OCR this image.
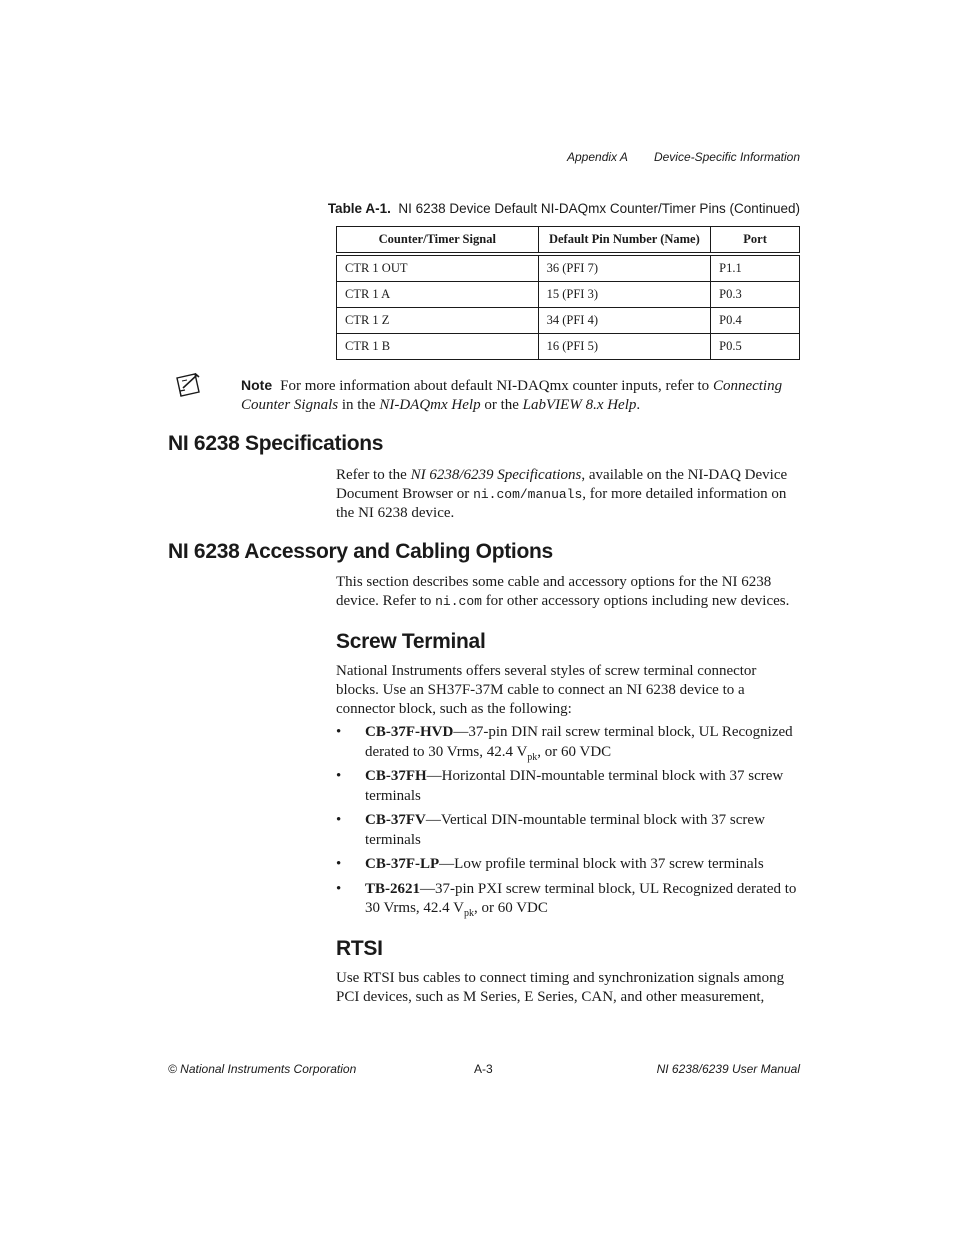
Appendix A Device-Specific Information
Table A-1. NI 6238 Device Default NI-DAQmx Counter/Timer Pins (Continued)
Counter/Timer Signal	Default Pin Number (Name)	Port
CTR 1 OUT	36 (PFI 7)	P1.1
CTR 1 A	15 (PFI 3)	P0.3
CTR 1 Z	34 (PFI 4)	P0.4
CTR 1 B	16 (PFI 5)	P0.5
Note For more information about default NI-DAQmx counter inputs, refer to Connecting Counter Signals in the NI-DAQmx Help or the LabVIEW 8.x Help.
NI 6238 Specifications

Refer to the NI 6238/6239 Specifications, available on the NI-DAQ Device Document Browser or ni.com/manuals, for more detailed information on the NI 6238 device.

NI 6238 Accessory and Cabling Options

This section describes some cable and accessory options for the NI 6238 device. Refer to ni.com for other accessory options including new devices.

Screw Terminal

National Instruments offers several styles of screw terminal connector blocks. Use an SH37F-37M cable to connect an NI 6238 device to a connector block, such as the following:

• CB-37F-HVD—37-pin DIN rail screw terminal block, UL Recognized derated to 30 Vrms, 42.4 $V_{pk}$, or 60 VDC
• CB-37FH—Horizontal DIN-mountable terminal block with 37 screw terminals
• CB-37FV—Vertical DIN-mountable terminal block with 37 screw terminals
• CB-37F-LP—Low profile terminal block with 37 screw terminals
• TB-2621—37-pin PXI screw terminal block, UL Recognized derated to 30 Vrms, 42.4 $V_{pk}$, or 60 VDC
RTSI

Use RTSI bus cables to connect timing and synchronization signals among PCI devices, such as M Series, E Series, CAN, and other measurement,

© National Instruments Corporation	A-3	NI 6238/6239 User Manual
